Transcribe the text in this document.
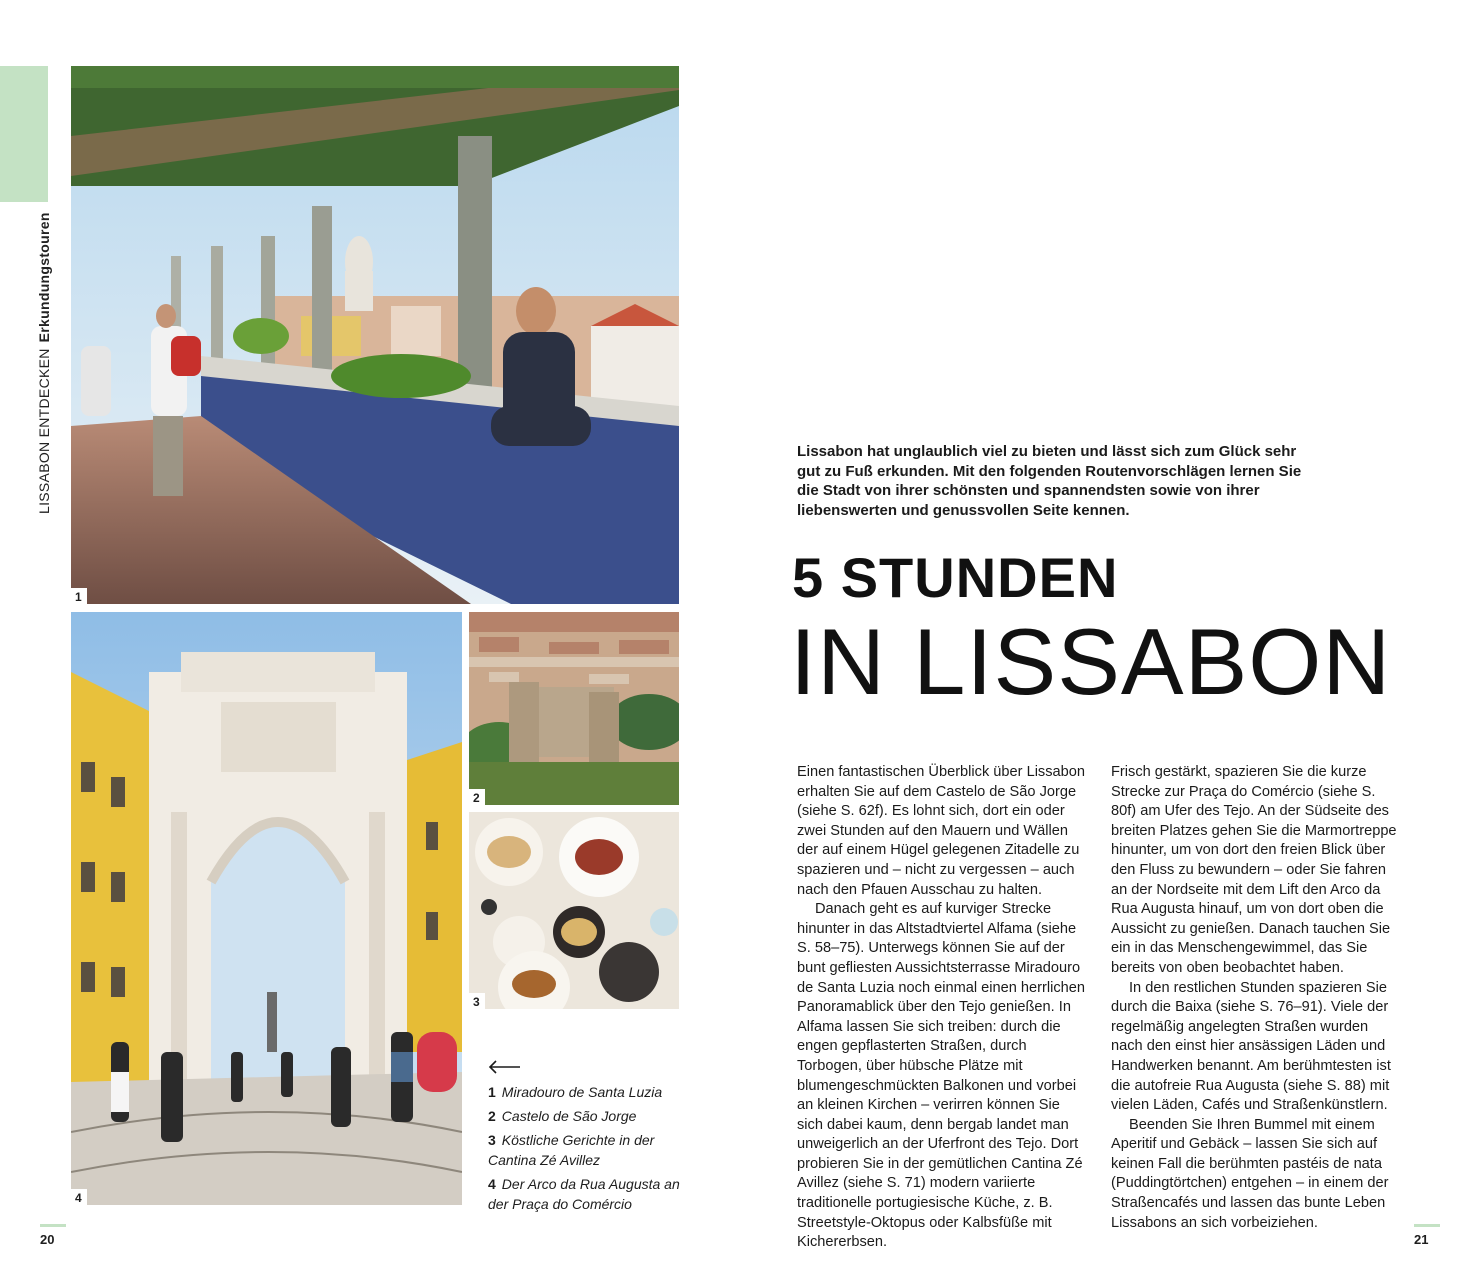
LISSABON ENTDECKENErkundungstouren
1
4
2
3
1 Miradouro de Santa Luzia
2 Castelo de São Jorge
3 Köstliche Gerichte in der Cantina Zé Avillez
4 Der Arco da Rua Augusta an der Praça do Comércio

Lissabon hat unglaublich viel zu bieten und lässt sich zum Glück sehr gut zu Fuß erkunden. Mit den folgenden Routenvorschlägen lernen Sie die Stadt von ihrer schönsten und spannendsten sowie von ihrer liebenswerten und genussvollen Seite kennen.

5 STUNDEN
IN LISSABON

Einen fantastischen Überblick über Lissabon erhalten Sie auf dem Castelo de São Jorge (siehe S. 62f). Es lohnt sich, dort ein oder zwei Stunden auf den Mauern und Wällen der auf einem Hügel gelegenen Zitadelle zu spazieren und – nicht zu vergessen – auch nach den Pfauen Ausschau zu halten.

Danach geht es auf kurviger Strecke hinunter in das Altstadtviertel Alfama (siehe S. 58–75). Unterwegs können Sie auf der bunt gefliesten Aussichtsterrasse Miradouro de Santa Luzia noch einmal einen herrlichen Panoramablick über den Tejo genießen. In Alfama lassen Sie sich treiben: durch die engen gepflasterten Straßen, durch Torbogen, über hübsche Plätze mit blumengeschmückten Balkonen und vorbei an kleinen Kirchen – verirren können Sie sich dabei kaum, denn bergab landet man unweigerlich an der Uferfront des Tejo. Dort probieren Sie in der gemütlichen Cantina Zé Avillez (siehe S. 71) modern variierte traditionelle portugiesische Küche, z. B. Streetstyle-Oktopus oder Kalbsfüße mit Kichererbsen.

Frisch gestärkt, spazieren Sie die kurze Strecke zur Praça do Comércio (siehe S. 80f) am Ufer des Tejo. An der Südseite des breiten Platzes gehen Sie die Marmortreppe hinunter, um von dort den freien Blick über den Fluss zu bewundern – oder Sie fahren an der Nordseite mit dem Lift den Arco da Rua Augusta hinauf, um von dort oben die Aussicht zu genießen. Danach tauchen Sie ein in das Menschengewimmel, das Sie bereits von oben beobachtet haben.

In den restlichen Stunden spazieren Sie durch die Baixa (siehe S. 76–91). Viele der regelmäßig angelegten Straßen wurden nach den einst hier ansässigen Läden und Handwerken benannt. Am berühmtesten ist die autofreie Rua Augusta (siehe S. 88) mit vielen Läden, Cafés und Straßenkünstlern.

Beenden Sie Ihren Bummel mit einem Aperitif und Gebäck – lassen Sie sich auf keinen Fall die berühmten pastéis de nata (Puddingtörtchen) entgehen – in einem der Straßencafés und lassen das bunte Leben Lissabons an sich vorbeiziehen.

20	21
